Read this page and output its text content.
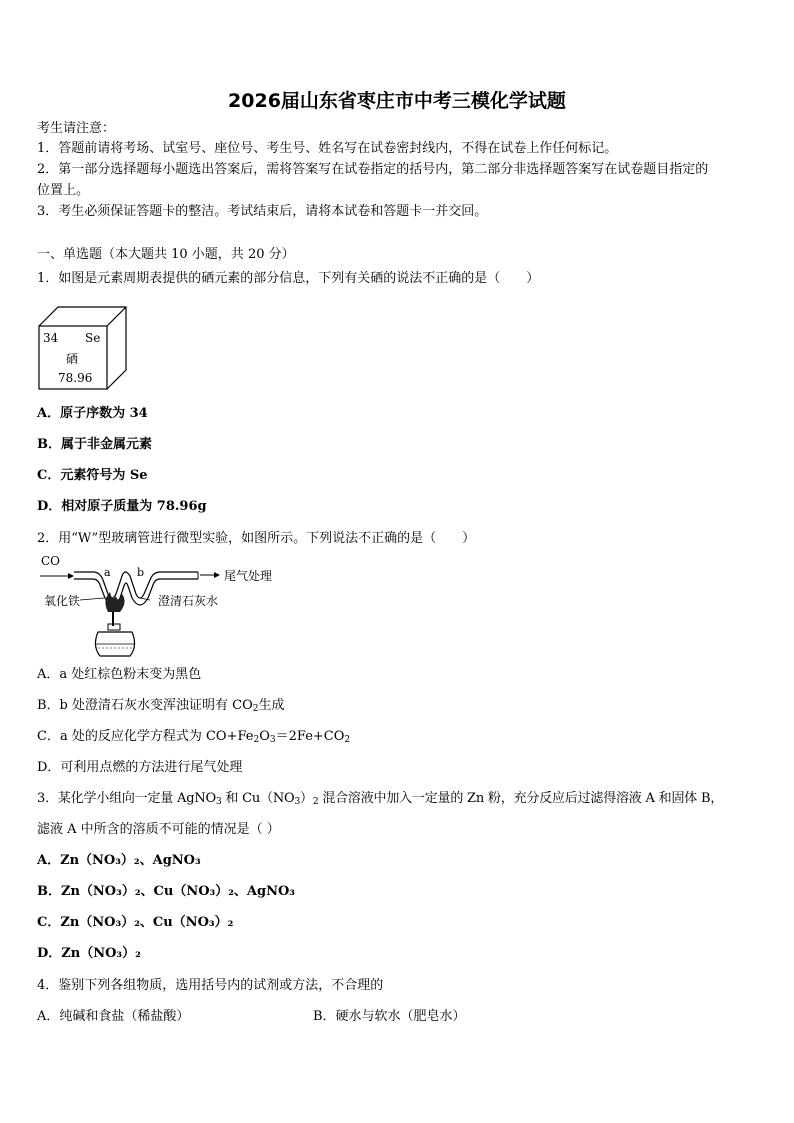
2026届山东省枣庄市中考三模化学试题
考生请注意：
1．答题前请将考场、试室号、座位号、考生号、姓名写在试卷密封线内，不得在试卷上作任何标记。
2．第一部分选择题每小题选出答案后，需将答案写在试卷指定的括号内，第二部分非选择题答案写在试卷题目指定的
位置上。
3．考生必须保证答题卡的整洁。考试结束后，请将本试卷和答题卡一并交回。
一、单选题（本大题共 10 小题，共 20 分）
1．如图是元素周期表提供的硒元素的部分信息，下列有关硒的说法不正确的是（　　）
34 Se
硒
78.96
A．原子序数为 34
B．属于非金属元素
C．元素符号为 Se
D．相对原子质量为 78.96g
2．用“W”型玻璃管进行微型实验，如图所示。下列说法不正确的是（　　）
CO
a b	尾气处理
氧化铁	澄清石灰水
A．a 处红棕色粉末变为黑色
B．b 处澄清石灰水变浑浊证明有 $CO_2$生成
C．a 处的反应化学方程式为 $CO+Fe_2O_3=2Fe+CO_2$
D．可利用点燃的方法进行尾气处理
3．某化学小组向一定量 AgNO$_3$ 和 $Cu(NO_3)_2$ 混合溶液中加入一定量的 Zn 粉，充分反应后过滤得溶液 A 和固体 B，
滤液 A 中所含的溶质不可能的情况是（ ）
A．Zn（NO₃）₂、AgNO₃
B．Zn（NO₃）₂、Cu（NO₃）₂、AgNO₃
C．Zn（NO₃）₂、Cu（NO₃）₂
D．Zn（NO₃）₂
4．鉴别下列各组物质，选用括号内的试剂或方法，不合理的
A．纯碱和食盐（稀盐酸）	B．硬水与软水（肥皂水）
